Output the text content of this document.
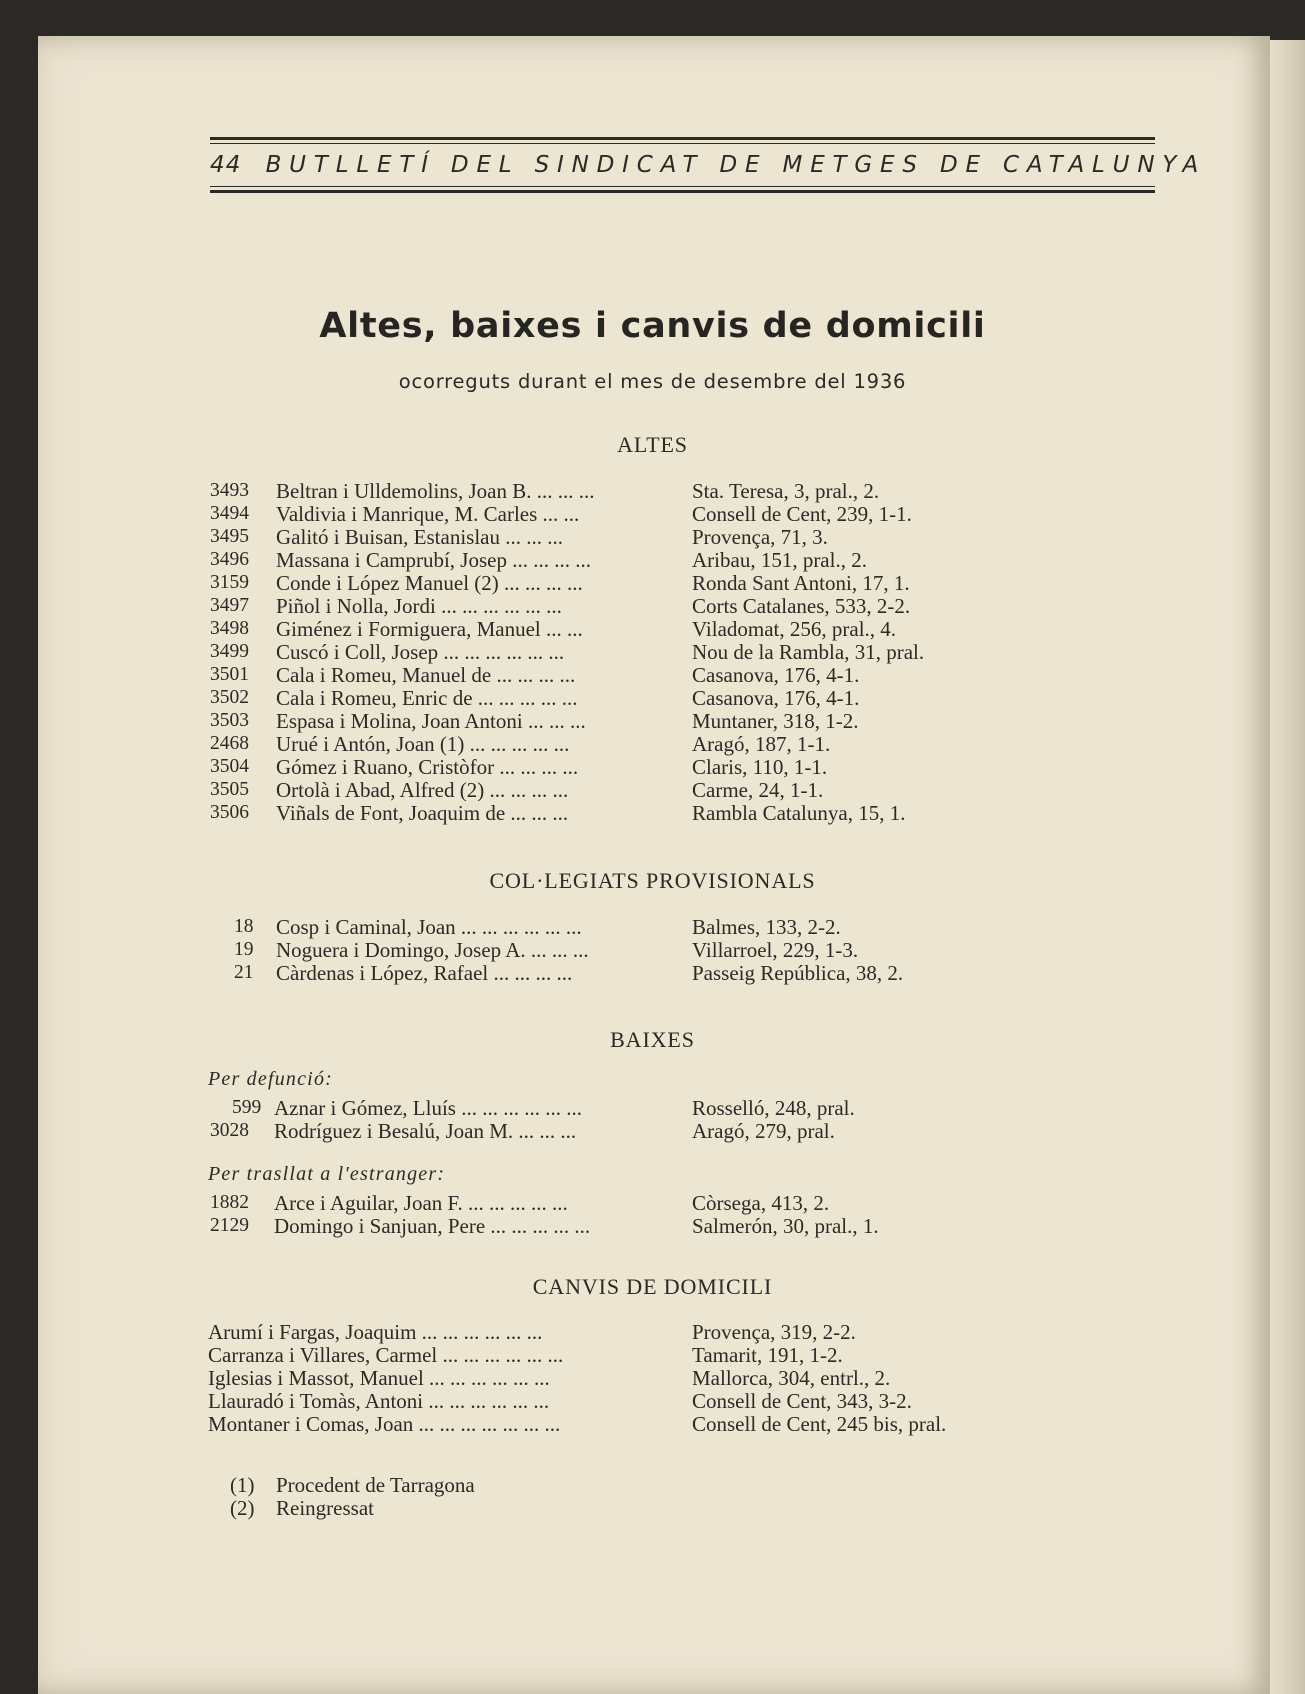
44 BUTLLETÍ DEL SINDICAT DE METGES DE CATALUNYA
Altes, baixes i canvis de domicili
ocorreguts durant el mes de desembre del 1936
ALTES
3493 Beltran i Ulldemolins, Joan B. ... ... ...	Sta. Teresa, 3, pral., 2.
3494 Valdivia i Manrique, M. Carles ... ...	Consell de Cent, 239, 1-1.
3495 Galitó i Buisan, Estanislau ... ... ...	Provença, 71, 3.
3496 Massana i Camprubí, Josep ... ... ... ...	Aribau, 151, pral., 2.
3159 Conde i López Manuel (2) ... ... ... ...	Ronda Sant Antoni, 17, 1.
3497 Piñol i Nolla, Jordi ... ... ... ... ... ...	Corts Catalanes, 533, 2-2.
3498 Giménez i Formiguera, Manuel ... ...	Viladomat, 256, pral., 4.
3499 Cuscó i Coll, Josep ... ... ... ... ... ...	Nou de la Rambla, 31, pral.
3501 Cala i Romeu, Manuel de ... ... ... ...	Casanova, 176, 4-1.
3502 Cala i Romeu, Enric de ... ... ... ... ...	Casanova, 176, 4-1.
3503 Espasa i Molina, Joan Antoni ... ... ...	Muntaner, 318, 1-2.
2468 Urué i Antón, Joan (1) ... ... ... ... ...	Aragó, 187, 1-1.
3504 Gómez i Ruano, Cristòfor ... ... ... ...	Claris, 110, 1-1.
3505 Ortolà i Abad, Alfred (2) ... ... ... ...	Carme, 24, 1-1.
3506 Viñals de Font, Joaquim de ... ... ...	Rambla Catalunya, 15, 1.
COL·LEGIATS PROVISIONALS
18 Cosp i Caminal, Joan ... ... ... ... ... ...	Balmes, 133, 2-2.
19 Noguera i Domingo, Josep A. ... ... ...	Villarroel, 229, 1-3.
21 Càrdenas i López, Rafael ... ... ... ...	Passeig República, 38, 2.
BAIXES
Per defunció:
599 Aznar i Gómez, Lluís ... ... ... ... ... ...	Rosselló, 248, pral.
3028 Rodríguez i Besalú, Joan M. ... ... ...	Aragó, 279, pral.
Per trasllat a l'estranger:
1882 Arce i Aguilar, Joan F. ... ... ... ... ...	Còrsega, 413, 2.
2129 Domingo i Sanjuan, Pere ... ... ... ... ...	Salmerón, 30, pral., 1.
CANVIS DE DOMICILI
Arumí i Fargas, Joaquim ... ... ... ... ... ...	Provença, 319, 2-2.
Carranza i Villares, Carmel ... ... ... ... ... ...	Tamarit, 191, 1-2.
Iglesias i Massot, Manuel ... ... ... ... ... ...	Mallorca, 304, entrl., 2.
Llauradó i Tomàs, Antoni ... ... ... ... ... ...	Consell de Cent, 343, 3-2.
Montaner i Comas, Joan ... ... ... ... ... ... ...	Consell de Cent, 245 bis, pral.
(1) Procedent de Tarragona
(2) Reingressat
